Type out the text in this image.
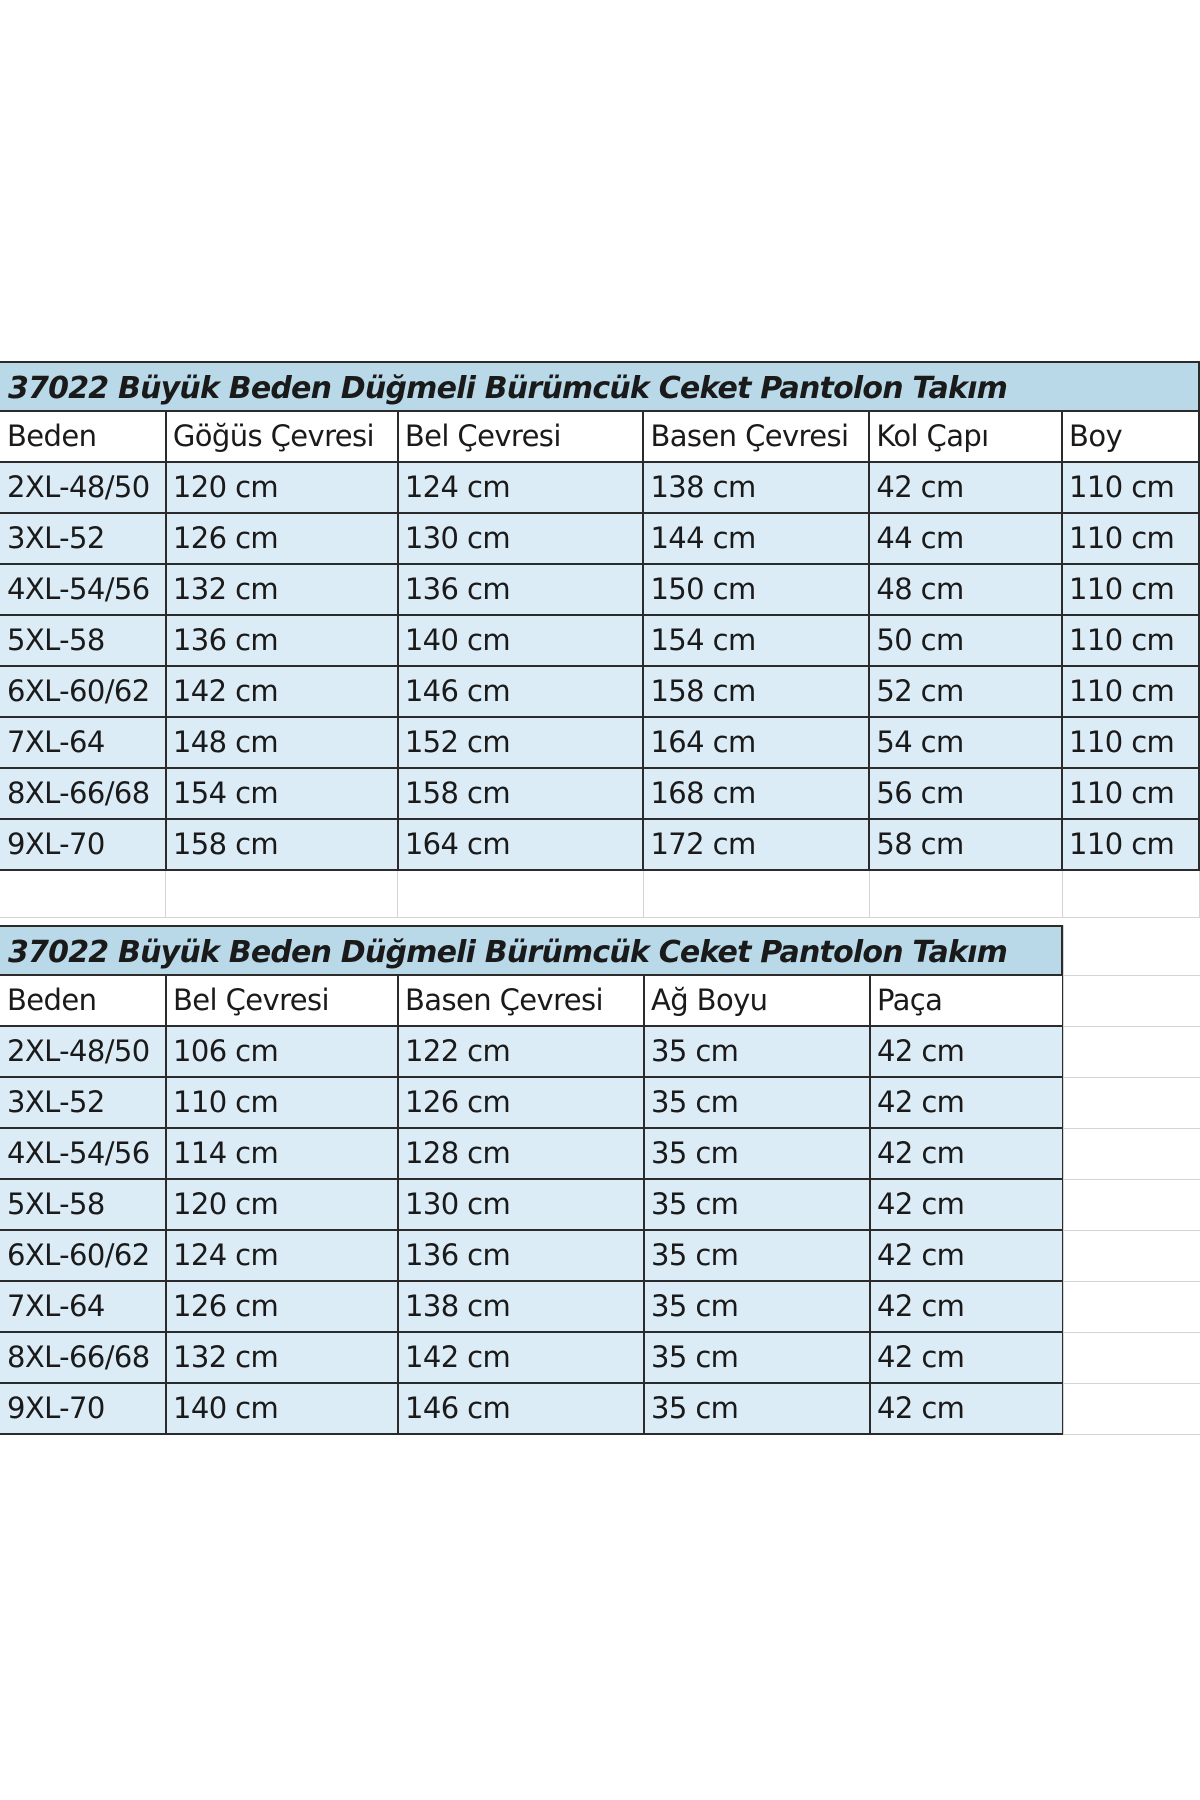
37022 Büyük Beden Düğmeli Bürümcük Ceket Pantolon Takım
Beden	Göğüs Çevresi	Bel Çevresi	Basen Çevresi	Kol Çapı	Boy
2XL-48/50	120 cm	124 cm	138 cm	42 cm	110 cm
3XL-52	126 cm	130 cm	144 cm	44 cm	110 cm
4XL-54/56	132 cm	136 cm	150 cm	48 cm	110 cm
5XL-58	136 cm	140 cm	154 cm	50 cm	110 cm
6XL-60/62	142 cm	146 cm	158 cm	52 cm	110 cm
7XL-64	148 cm	152 cm	164 cm	54 cm	110 cm
8XL-66/68	154 cm	158 cm	168 cm	56 cm	110 cm
9XL-70	158 cm	164 cm	172 cm	58 cm	110 cm

37022 Büyük Beden Düğmeli Bürümcük Ceket Pantolon Takım
Beden	Bel Çevresi	Basen Çevresi	Ağ Boyu	Paça
2XL-48/50	106 cm	122 cm	35 cm	42 cm
3XL-52	110 cm	126 cm	35 cm	42 cm
4XL-54/56	114 cm	128 cm	35 cm	42 cm
5XL-58	120 cm	130 cm	35 cm	42 cm
6XL-60/62	124 cm	136 cm	35 cm	42 cm
7XL-64	126 cm	138 cm	35 cm	42 cm
8XL-66/68	132 cm	142 cm	35 cm	42 cm
9XL-70	140 cm	146 cm	35 cm	42 cm
